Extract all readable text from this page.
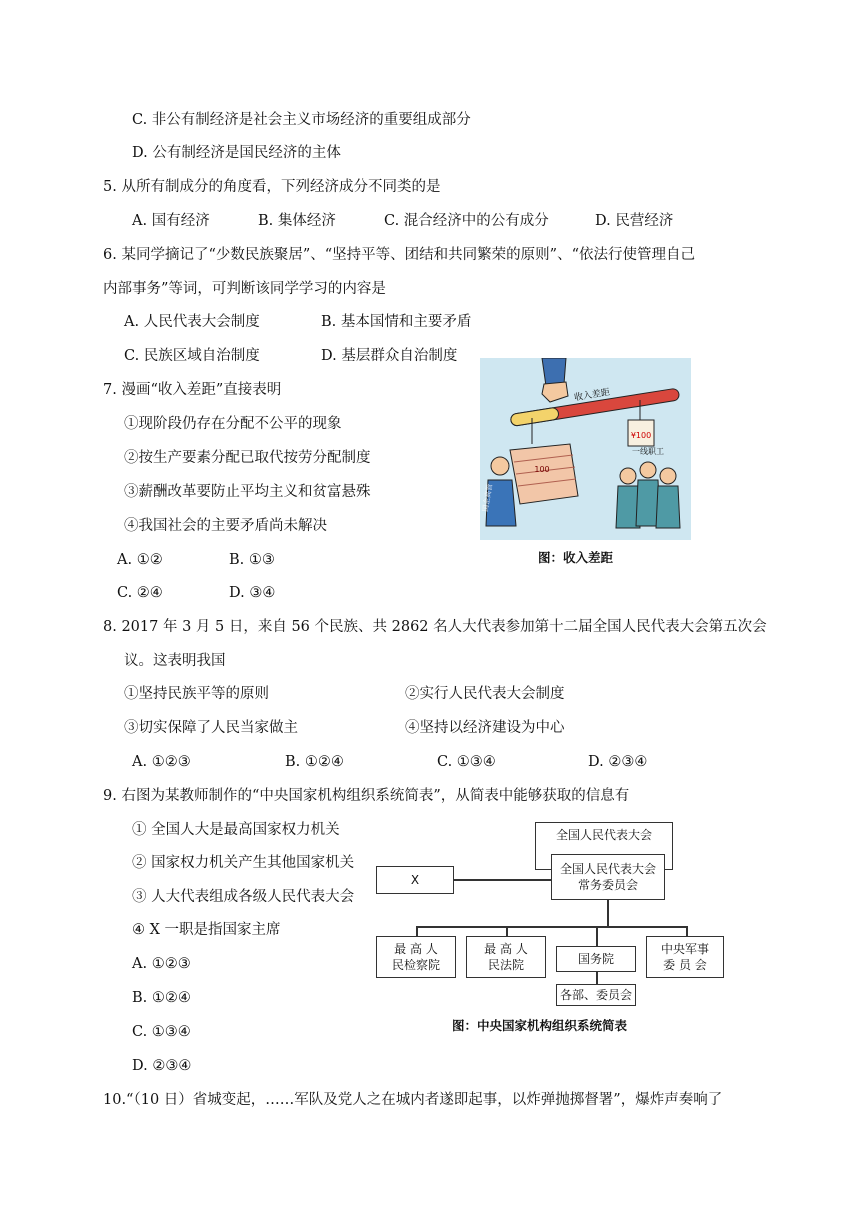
C. 非公有制经济是社会主义市场经济的重要组成部分
D. 公有制经济是国民经济的主体
5. 从所有制成分的角度看，下列经济成分不同类的是
A. 国有经济	B. 集体经济	C. 混合经济中的公有成分	D. 民营经济
6. 某同学摘记了“少数民族聚居”、“坚持平等、团结和共同繁荣的原则”、“依法行使管理自己
内部事务”等词，可判断该同学学习的内容是
A. 人民代表大会制度	B. 基本国情和主要矛盾
C. 民族区域自治制度	D. 基层群众自治制度
7. 漫画“收入差距”直接表明
①现阶段仍存在分配不公平的现象
②按生产要素分配已取代按劳分配制度
③薪酬改革要防止平均主义和贫富悬殊
④我国社会的主要矛盾尚未解决
A. ①②	B. ①③
C. ②④	D. ③④
收入差距
¥100
100
国企高管
一线职工
图：收入差距
8. 2017 年 3 月 5 日，来自 56 个民族、共 2862 名人大代表参加第十二届全国人民代表大会第五次会
议。这表明我国
①坚持民族平等的原则	②实行人民代表大会制度
③切实保障了人民当家做主	④坚持以经济建设为中心
A. ①②③	B. ①②④	C. ①③④	D. ②③④
9. 右图为某教师制作的“中央国家机构组织系统简表”，从简表中能够获取的信息有
① 全国人大是最高国家权力机关
② 国家权力机关产生其他国家机关
③ 人大代表组成各级人民代表大会
④ X 一职是指国家主席
A. ①②③
B. ①②④
C. ①③④
D. ②③④
全国人民代表大会
全国人民代表大会常务委员会
X
最 高 人民检察院
最 高 人民法院	国务院
各部、委员会
中央军事 委 员 会
图：中央国家机构组织系统简表
10.“（10 日）省城变起，……军队及党人之在城内者遂即起事，以炸弹抛掷督署”，爆炸声奏响了
